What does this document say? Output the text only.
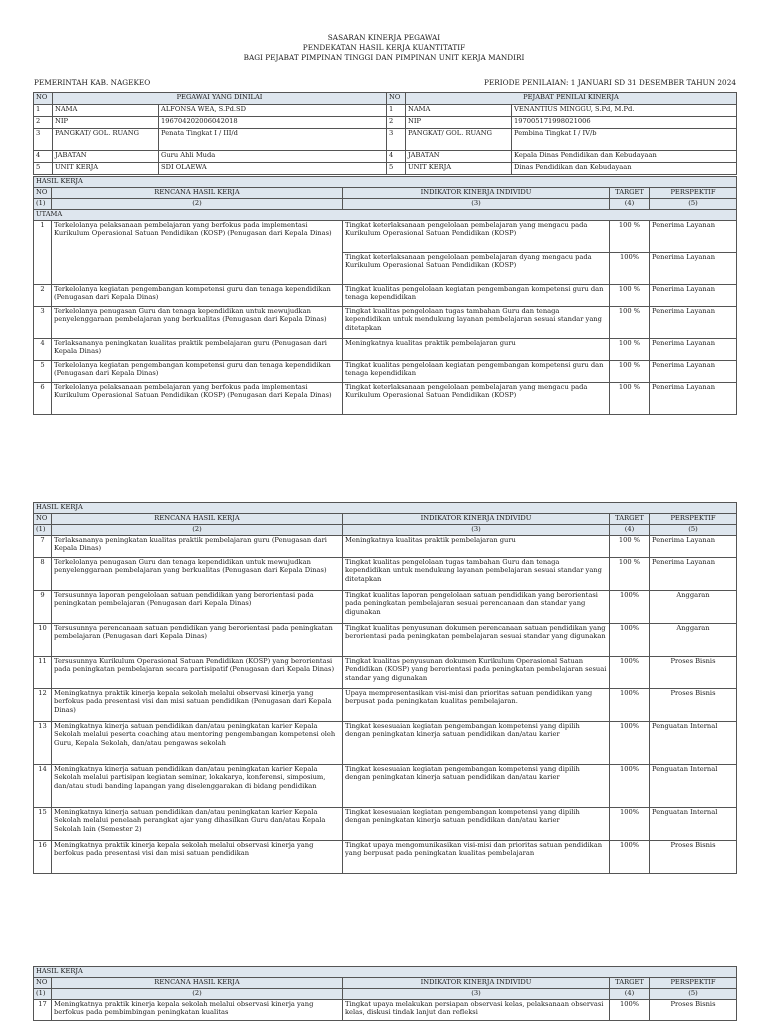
SASARAN KINERJA PEGAWAI
PENDEKATAN HASIL KERJA KUANTITATIF
BAGI PEJABAT PIMPINAN TINGGI DAN PIMPINAN UNIT KERJA MANDIRI
PEMERINTAH KAB. NAGEKEO	PERIODE PENILAIAN: 1 JANUARI SD 31 DESEMBER TAHUN 2024
NO	PEGAWAI YANG DINILAI		NO	PEJABAT PENILAI KINERJA	
1	NAMA	ALFONSA WEA, S.Pd.SD	1	NAMA	VENANTIUS MINGGU, S.Pd, M.Pd.
2	NIP	196704202006042018	2	NIP	197005171998021006
3	PANGKAT/ GOL. RUANG	Penata Tingkat I / III/d	3	PANGKAT/ GOL. RUANG	Pembina Tingkat I / IV/b
4	JABATAN	Guru Ahli Muda	4	JABATAN	Kepala Dinas Pendidikan dan Kebudayaan
5	UNIT KERJA	SDI OLAEWA	5	UNIT KERJA	Dinas Pendidikan dan Kebudayaan
HASIL KERJA				
NO	RENCANA HASIL KERJA	INDIKATOR KINERJA INDIVIDU	TARGET	PERSPEKTIF
(1)	(2)	(3)	(4)	(5)
UTAMA				
1	Terkelolanya pelaksanaan pembelajaran yang berfokus pada implementasi Kurikulum Operasional Satuan Pendidikan (KOSP) (Penugasan dari Kepala Dinas)	Tingkat keterlaksanaan pengelolaan pembelajaran yang mengacu pada Kurikulum Operasional Satuan Pendidikan (KOSP)	100 %	Penerima Layanan
		Tingkat keterlaksanaan pengelolaan pembelajaran dyang mengacu pada Kurikulum Operasional Satuan Pendidikan (KOSP)	100%	Penerima Layanan
2	Terkelolanya kegiatan pengembangan kompetensi guru dan tenaga kependidikan (Penugasan dari Kepala Dinas)	Tingkat kualitas pengelolaan kegiatan pengembangan kompetensi guru dan tenaga kependidikan	100 %	Penerima Layanan
3	Terkelolanya penugasan Guru dan tenaga kependidikan untuk mewujudkan penyelenggaraan pembelajaran yang berkualitas (Penugasan dari Kepala Dinas)	Tingkat kualitas pengelolaan tugas tambahan Guru dan tenaga kependidikan untuk mendukung layanan pembelajaran sesuai standar yang ditetapkan	100 %	Penerima Layanan
4	Terlaksananya peningkatan kualitas praktik pembelajaran guru (Penugasan dari Kepala Dinas)	Meningkatnya kualitas praktik pembelajaran guru	100 %	Penerima Layanan
5	Terkelolanya kegiatan pengembangan kompetensi guru dan tenaga kependidikan (Penugasan dari Kepala Dinas)	Tingkat kualitas pengelolaan kegiatan pengembangan kompetensi guru dan tenaga kependidikan	100 %	Penerima Layanan
6	Terkelolanya pelaksanaan pembelajaran yang berfokus pada implementasi Kurikulum Operasional Satuan Pendidikan (KOSP) (Penugasan dari Kepala Dinas)	Tingkat keterlaksanaan pengelolaan pembelajaran yang mengacu pada Kurikulum Operasional Satuan Pendidikan (KOSP)	100 %	Penerima Layanan
HASIL KERJA				
NO	RENCANA HASIL KERJA	INDIKATOR KINERJA INDIVIDU	TARGET	PERSPEKTIF
(1)	(2)	(3)	(4)	(5)
7	Terlaksananya peningkatan kualitas praktik pembelajaran guru (Penugasan dari Kepala Dinas)	Meningkatnya kualitas praktik pembelajaran guru	100 %	Penerima Layanan
8	Terkelolanya penugasan Guru dan tenaga kependidikan untuk mewujudkan penyelenggaraan pembelajaran yang berkualitas (Penugasan dari Kepala Dinas)	Tingkat kualitas pengelolaan tugas tambahan Guru dan tenaga kependidikan untuk mendukung layanan pembelajaran sesuai standar yang ditetapkan	100 %	Penerima Layanan
9	Tersusunnya laporan pengelolaan satuan pendidikan yang berorientasi pada peningkatan pembelajaran (Penugasan dari Kepala Dinas)	Tingkat kualitas laporan pengelolaan satuan pendidikan yang berorientasi pada peningkatan pembelajaran sesuai perencanaan dan standar yang digunakan	100%	Anggaran
10	Tersusunnya perencanaan satuan pendidikan yang berorientasi pada peningkatan pembelajaran (Penugasan dari Kepala Dinas)	Tingkat kualitas penyusunan dokumen perencanaan satuan pendidikan yang berorientasi pada peningkatan pembelajaran sesuai standar yang digunakan	100%	Anggaran
11	Tersusunnya Kurikulum Operasional Satuan Pendidikan (KOSP) yang berorientasi pada peningkatan pembelajaran secara partisipatif (Penugasan dari Kepala Dinas)	Tingkat kualitas penyusunan dokumen Kurikulum Operasional Satuan Pendidikan (KOSP) yang berorientasi pada peningkatan pembelajaran sesuai standar yang digunakan	100%	Proses Bisnis
12	Meningkatnya praktik kinerja kepala sekolah melalui observasi kinerja yang berfokus pada presentasi visi dan misi satuan pendidikan (Penugasan dari Kepala Dinas)	Upaya mempresentasikan visi-misi dan prioritas satuan pendidikan yang berpusat pada peningkatan kualitas pembelajaran.	100%	Proses Bisnis
13	Meningkatnya kinerja satuan pendidikan dan/atau peningkatan karier Kepala Sekolah melalui peserta coaching atau mentoring pengembangan kompetensi oleh Guru, Kepala Sekolah, dan/atau pengawas sekolah	Tingkat kesesuaian kegiatan pengembangan kompetensi yang dipilih dengan peningkatan kinerja satuan pendidikan dan/atau karier	100%	Penguatan Internal
14	Meningkatnya kinerja satuan pendidikan dan/atau peningkatan karier Kepala Sekolah melalui partisipan kegiatan seminar, lokakarya, konferensi, simposium, dan/atau studi banding lapangan yang diselenggarakan di bidang pendidikan	Tingkat kesesuaian kegiatan pengembangan kompetensi yang dipilih dengan peningkatan kinerja satuan pendidikan dan/atau karier	100%	Penguatan Internal
15	Meningkatnya kinerja satuan pendidikan dan/atau peningkatan karier Kepala Sekolah melalui penelaah perangkat ajar yang dihasilkan Guru dan/atau Kepala Sekolah lain (Semester 2)	Tingkat kesesuaian kegiatan pengembangan kompetensi yang dipilih dengan peningkatan kinerja satuan pendidikan dan/atau karier	100%	Penguatan Internal
16	Meningkatnya praktik kinerja kepala sekolah melalui observasi kinerja yang berfokus pada presentasi visi dan misi satuan pendidikan	Tingkat upaya mengomunikasikan visi-misi dan prioritas satuan pendidikan yang berpusat pada peningkatan kualitas pembelajaran	100%	Proses Bisnis
HASIL KERJA				
NO	RENCANA HASIL KERJA	INDIKATOR KINERJA INDIVIDU	TARGET	PERSPEKTIF
(1)	(2)	(3)	(4)	(5)
17	Meningkatnya praktik kinerja kepala sekolah melalui observasi kinerja yang berfokus pada pembimbingan peningkatan kualitas	Tingkat upaya melakukan persiapan observasi kelas, pelaksanaan observasi kelas, diskusi tindak lanjut dan refleksi	100%	Proses Bisnis
